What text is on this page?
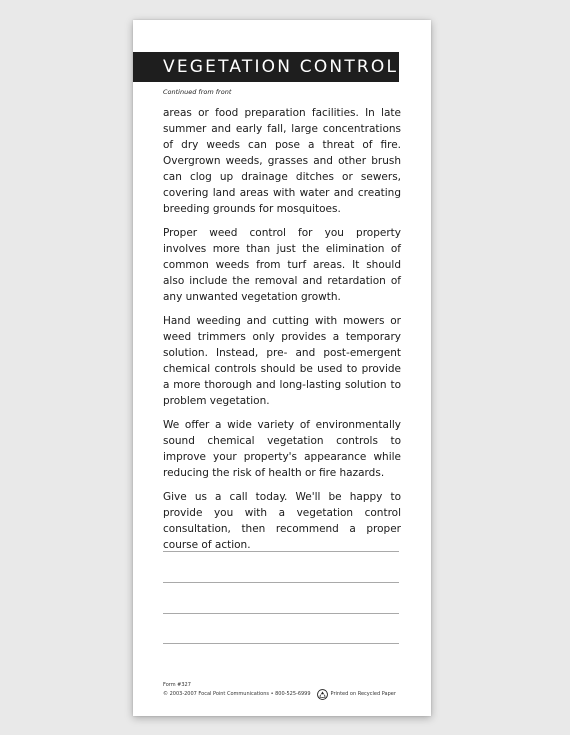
VEGETATION CONTROL
Continued from front

areas or food preparation facilities. In late summer and early fall, large concentrations of dry weeds can pose a threat of fire. Overgrown weeds, grasses and other brush can clog up drainage ditches or sewers, covering land areas with water and creating breeding grounds for mosquitoes.

Proper weed control for you property involves more than just the elimination of common weeds from turf areas. It should also include the removal and retardation of any unwanted vegetation growth.

Hand weeding and cutting with mowers or weed trimmers only provides a temporary solution. Instead, pre- and post-emergent chemical controls should be used to provide a more thorough and long-lasting solution to problem vegetation.

We offer a wide variety of environmentally sound chemical vegetation controls to improve your property's appearance while reducing the risk of health or fire hazards.

Give us a call today. We'll be happy to provide you with a vegetation control consultation, then recommend a proper course of action.

Form #327
© 2003-2007 Focal Point Communications • 800-525-6999	Printed on Recycled Paper
